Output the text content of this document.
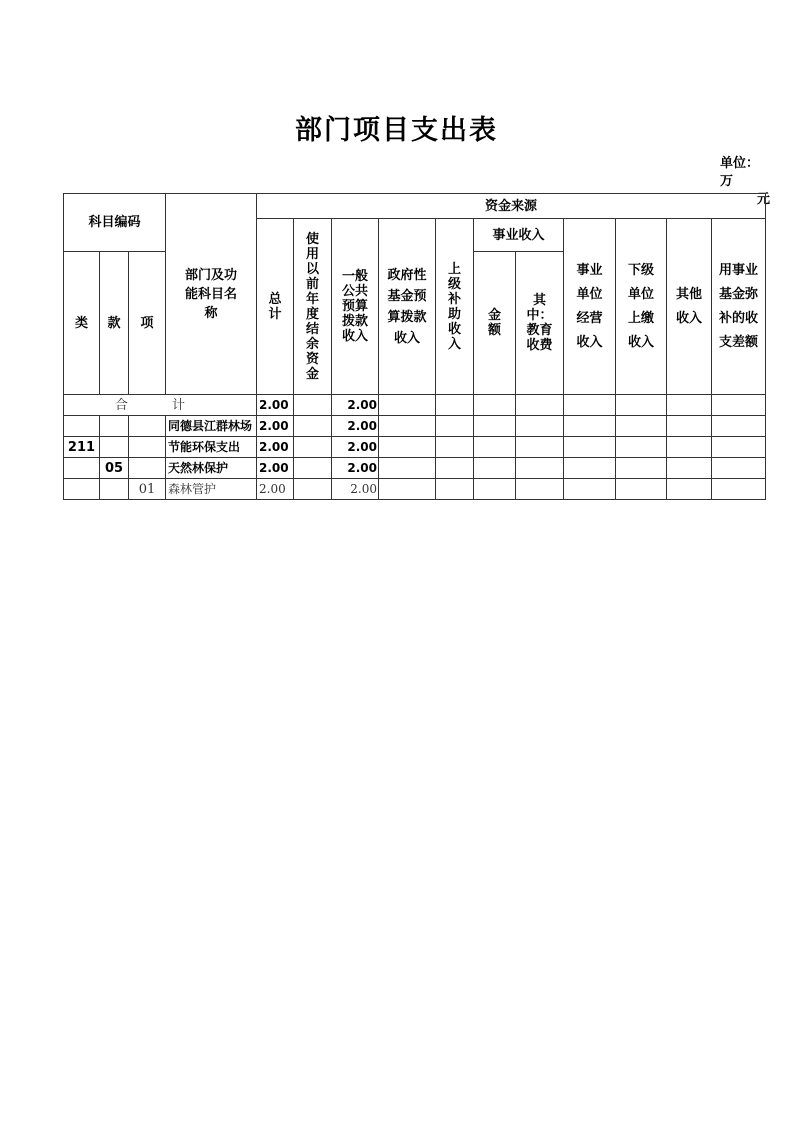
部门项目支出表
单位：万
元
科目编码			部门及功能科目名称	资金来源										
				总计	使用以前年度结余资金	一般公共预算拨款收入	政府性基金预算拨款收入	上级补助收入	事业收入		事业单位经营收入	下级单位上缴收入	其他收入	用事业基金弥补的收支差额
类	款	项							金额	其中：教育收费				
合 计				2.00		2.00								
			同德县江群林场	2.00		2.00								
211			节能环保支出	2.00		2.00								
	05		天然林保护	2.00		2.00								
		01	森林管护	2.00		2.00								
